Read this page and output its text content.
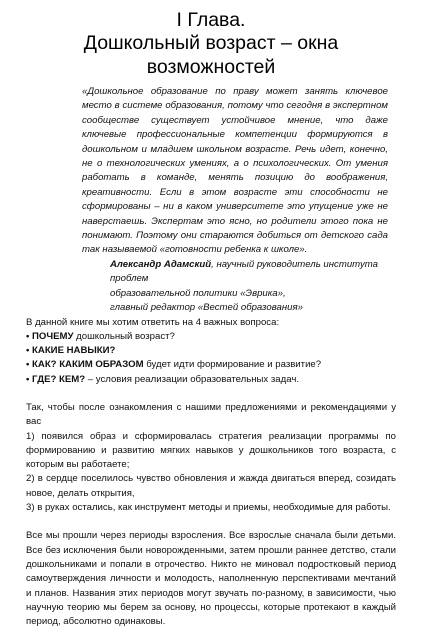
I Глава.
Дошкольный возраст – окна возможностей
«Дошкольное образование по праву может занять ключевое место в системе образования, потому что сегодня в экспертном сообществе существует устойчивое мнение, что даже ключевые профессиональные компетенции формируются в дошкольном и младшем школьном возрасте. Речь идет, конечно, не о технологических умениях, а о психологических. От умения работать в команде, менять позицию до воображения, креативности. Если в этом возрасте эти способности не сформированы – ни в каком университете это упущение уже не наверстаешь. Экспертам это ясно, но родители этого пока не понимают. Поэтому они стараются добиться от детского сада так называемой «готовности ребенка к школе».
Александр Адамский, научный руководитель института проблем
образовательной политики «Эврика»,
главный редактор «Вестей образования»

В данной книге мы хотим ответить на 4 важных вопроса:

• ПОЧЕМУ дошкольный возраст?

• КАКИЕ НАВЫКИ?

• КАК? КАКИМ ОБРАЗОМ будет идти формирование и развитие?

• ГДЕ? КЕМ? – условия реализации образовательных задач.

Так, чтобы после ознакомления с нашими предложениями и рекомендациями у вас

1) появился образ и сформировалась стратегия реализации программы по формированию и развитию мягких навыков у дошкольников того возраста, с которым вы работаете;

2) в сердце поселилось чувство обновления и жажда двигаться вперед, созидать новое, делать открытия,

3) в руках остались, как инструмент методы и приемы, необходимые для работы.

Все мы прошли через периоды взросления. Все взрослые сначала были детьми. Все без исключения были новорожденными, затем прошли раннее детство, стали дошкольниками и попали в отрочество. Никто не миновал подростковый период самоутверждения личности и молодость, наполненную перспективами мечтаний и планов. Названия этих периодов могут звучать по-разному, в зависимости, чью научную теорию мы берем за основу, но процессы, которые протекают в каждый период, абсолютно одинаковы.
